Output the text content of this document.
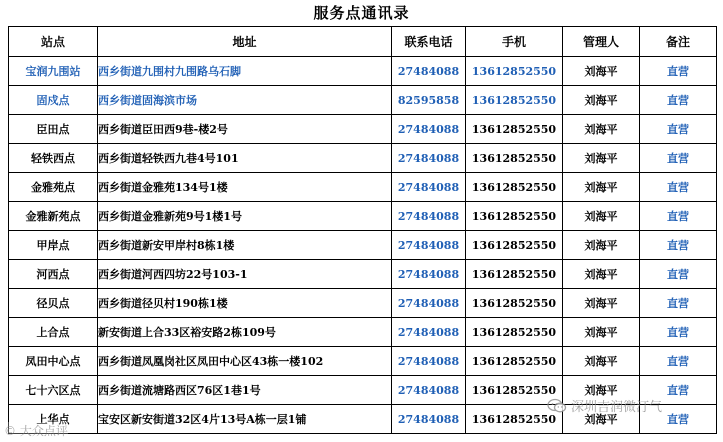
服务点通讯录
站点	地址	联系电话	手机	管理人	备注
宝润九围站	西乡街道九围村九围路乌石脚	27484088	13612852550	刘海平	直营
固戍点	西乡街道固海滨市场	82595858	13612852550	刘海平	直营
臣田点	西乡街道臣田西9巷-楼2号	27484088	13612852550	刘海平	直营
轻铁西点	西乡街道轻铁西九巷4号101	27484088	13612852550	刘海平	直营
金雅苑点	西乡街道金雅苑134号1楼	27484088	13612852550	刘海平	直营
金雅新苑点	西乡街道金雅新苑9号1楼1号	27484088	13612852550	刘海平	直营
甲岸点	西乡街道新安甲岸村8栋1楼	27484088	13612852550	刘海平	直营
河西点	西乡街道河西四坊22号103-1	27484088	13612852550	刘海平	直营
径贝点	西乡街道径贝村190栋1楼	27484088	13612852550	刘海平	直营
上合点	新安街道上合33区裕安路2栋109号	27484088	13612852550	刘海平	直营
凤田中心点	西乡街道凤凰岗社区凤田中心区43栋一楼102	27484088	13612852550	刘海平	直营
七十六区点	西乡街道流塘路西区76区1巷1号	27484088	13612852550	刘海平	直营
上华点	宝安区新安街道32区4片13号A栋一层1铺	27484088	13612852550	刘海平	直营
© 大众点评
深圳吉润微汀气
